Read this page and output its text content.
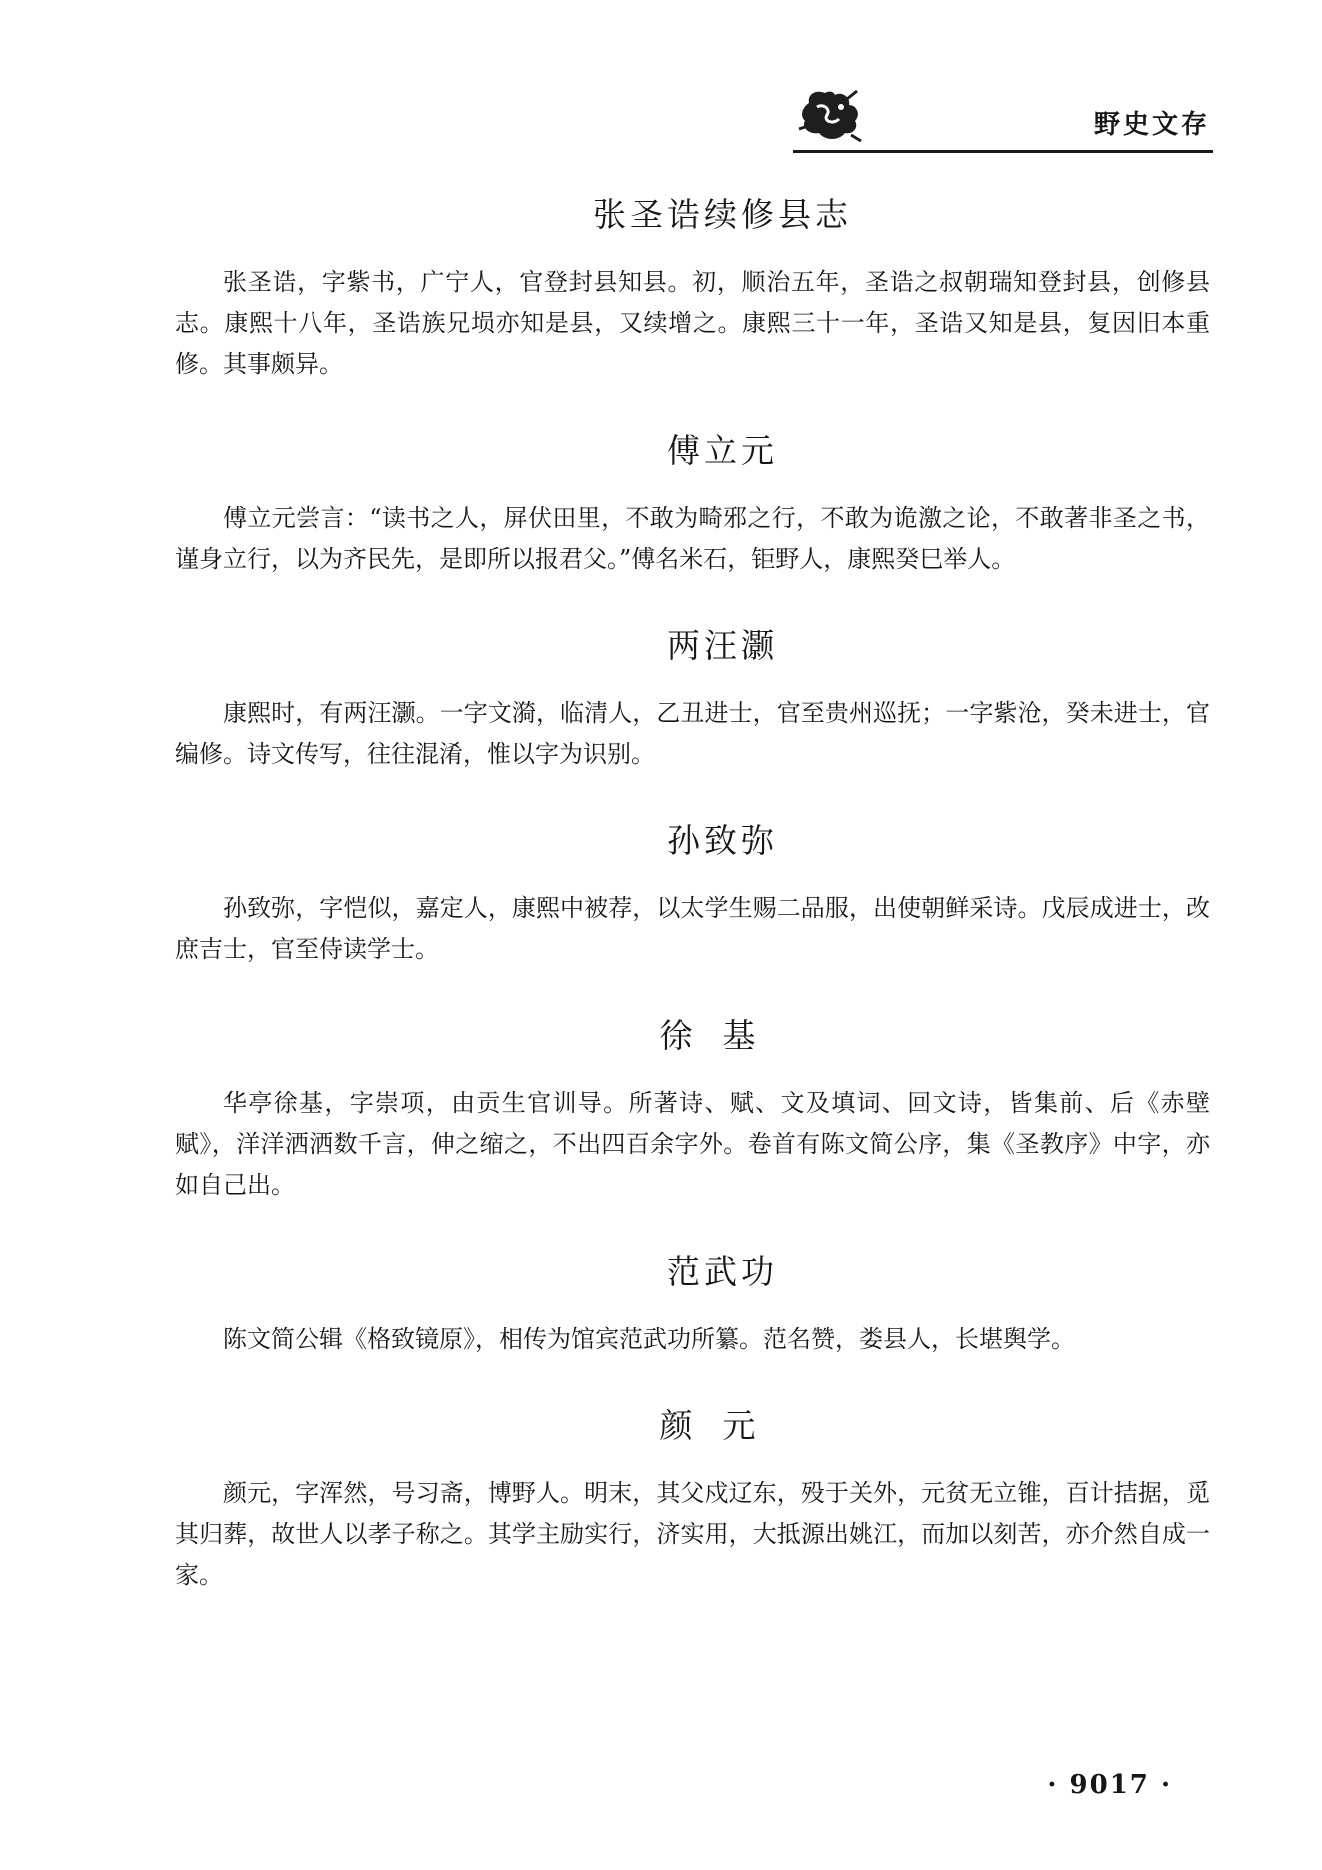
野史文存
张圣诰续修县志

张圣诰，字紫书，广宁人，官登封县知县。初，顺治五年，圣诰之叔朝瑞知登封县，创修县志。康熙十八年，圣诰族兄埙亦知是县，又续增之。康熙三十一年，圣诰又知是县，复因旧本重修。其事颇异。

傅立元

傅立元尝言：“读书之人，屏伏田里，不敢为畸邪之行，不敢为诡激之论，不敢著非圣之书，谨身立行，以为齐民先，是即所以报君父。”傅名米石，钜野人，康熙癸巳举人。

两汪灏

康熙时，有两汪灏。一字文漪，临清人，乙丑进士，官至贵州巡抚；一字紫沧，癸未进士，官编修。诗文传写，往往混淆，惟以字为识别。

孙致弥

孙致弥，字恺似，嘉定人，康熙中被荐，以太学生赐二品服，出使朝鲜采诗。戊辰成进士，改庶吉士，官至侍读学士。

徐基

华亭徐基，字崇项，由贡生官训导。所著诗、赋、文及填词、回文诗，皆集前、后《赤壁赋》，洋洋洒洒数千言，伸之缩之，不出四百余字外。卷首有陈文简公序，集《圣教序》中字，亦如自己出。

范武功

陈文简公辑《格致镜原》，相传为馆宾范武功所纂。范名赞，娄县人，长堪舆学。

颜元

颜元，字浑然，号习斋，博野人。明末，其父戍辽东，殁于关外，元贫无立锥，百计拮据，觅其归葬，故世人以孝子称之。其学主励实行，济实用，大抵源出姚江，而加以刻苦，亦介然自成一家。

· 9017 ·
